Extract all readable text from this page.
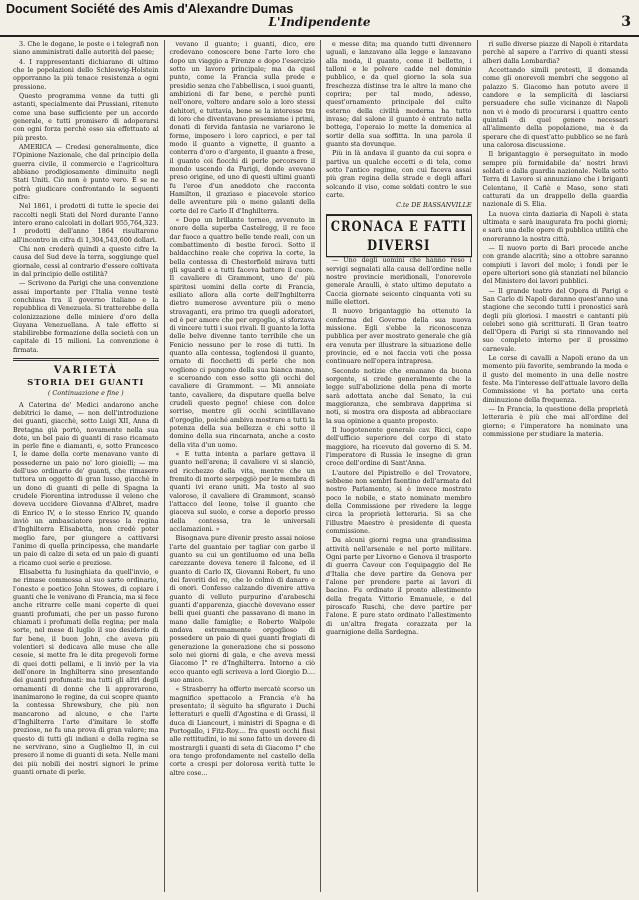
Document Société des Amis d'Alexandre Dumas
L'Indipendente	3

3. Che le dogane, le poste e i telegrafi non siano amministrati dalle autorità del paese;

4. I rappresentanti dichiarano di ultimo che le popolazioni dello Schleswig-Holstein opporranno la più tenace resistenza a ogni pressione.

Questo programma venne da tutti gli astanti, specialmente dai Prussiani, ritenuto come una base sufficiente per un accordo generale, e tutti promisero di adoperarsi con ogni forza perchè esso sia effettuato al più presto.

AMERICA — Credesi generalmente, dice l'Opinione Nazionale, che dal principio della guerra civile, il commercio e l'agricoltura abbiano prodigiosamente diminuito negli Stati Uniti. Ciò non è punto vero. E se ne potrà giudicare confrontando le seguenti cifre:

Nel 1861, i prodotti di tutte le specie dei raccolti negli Stati del Nord durante l'anno intero erano calcolati in dollari 955,764,323. I prodotti dell'anno 1864 risultarono all'incontro in cifra di 1,304,543,600 dollari.

Chi non crederà quindi a queste cifre la causa del Sud deve la terra, soggiunge quel giornale, cessi al contrario d'essere coltivata in dal principio delle ostilità?

— Scrivono da Parigi che una convenzione assai importante per l'Italia venne testè conchiusa tra il governo italiano e la repubblica di Venezuela. Si tratterebbe della colonizzazione delle miniere d'oro della Guyana Venezuellana. A tale effetto si stabilirebbe formazione della società con un capitale di 15 milioni. La convenzione è firmata.

VARIETÀ
STORIA DEI GUANTI
( Continuazione e fine )

A Caterina de' Medici andarono anche debitrici le dame, — non dell'introduzione dei guanti, giacchè, sotto Luigi XII, Anna di Bretagna già portò, novamente nella sua dote, un bel paio di guanti di raso ricamato in perle fine e diamanti, e, sotto Francesco I, le dame della corte menavano vanto di possederne un paio no' loro gioielli; — ma dell'uso ordinario de' guanti, che rimasero tuttora un oggetto di gran lusso, giacchè in un dono di guanti di pelle di Spagna la crudele Fiorentina introdusse il veleno che doveva uccidere Giovanna d'Albret, madre di Enrico IV, e lo stesso Enrico IV, quando inviò un ambasciatore presso la regina d'Inghilterra Elisabetta, non credè poter meglio fare, per giungere a cattivarsi l'animo di quella principessa, che mandarle un paio di calze di seta ed un paio di guanti a ricamo cuoi serie e preziose.

Elisabetta fu lusinghiata da quell'invio, e ne rimase commossa al suo sarto ordinario, l'onesto e poetico John Stowes, di copiare i guanti che le venivano di Francia, ma si fece anche ritrarre celle mani coperte di quei guanti profumati, che per un passo furono chiamati i profumati della regina; per mala sorte, nel mese di luglio il suo desiderio di far bene, il buon John, che aveva più volentieri si dedicava alle muse che alle cesoie, si mette fra le dita pregevoli forme di quei dotti pellami, e li inviò per la via dell'onore in Inghilterra sino presentando dei guanti profumati: ma tutti gli altri degli ornamenti di donne che li approvarono, inanimarono le regine, da cui scopre quanto la contessa Shrewsbury, che più non mancarono ad alcuno, e che l'arte d'Inghilterra l'arte d'imitare le stoffe preziose, ne fu una prova di gran valore; ma questo di tutti gli indiani e della regina se ne servivano, sino a Guglielmo II, in cui presero il nome di guanti di seta. Nelle mani dei più nobili dei nostri signori le prime guanti ornate di perle.

vevano il guanto; i guanti, dico, ere credevano conoscere bene l'arte loro che dopo un viaggio a Firenze e dopo l'esercizio sotto un lavoro principale; ma da quel punto, come la Francia sulla prede e presidio senza che l'abbellisca, i suoi guanti, ambizioni di far bene, e perchè punti nell'onore, voltero andare solo a loro stessi dehitori, e tuttavia, bene se la interesse tra di loro che diventavano presemiame i primi, donati di fervida fantasia ne variarono le forme, imposero i loro capricci, e per tal modo il guanto a vignette, il guanto a conterra d'oro o d'argento, il guanto a frese, il guanto coi fiocchi di perle percorsero il mondo uscendo da Parigi, donde avevano preso origine, ed uno di questi ultimi guanti fu l'eroe d'un aneddoto che racconta Hamilton, il graziaso e piacevole storico delle avventure più o meno galanti della corte del re Carlo II d'Inghilterra.

« Dopo un brillante torneo, avvenuto in onore della superba Castelregg, il re fece dar fuoco a quattro belle tende reali, con un combattimento di bestie feroci. Sotto il baldacchino reale che copriva la corte, la bella contessa di Chesterfield mirava tutti gli sguardi e a tutti faceva battere il cuore. Il cavaliere di Grammont, uno de' più spiritosi uomini della corte di Francia, esiliato allora alla corte dell'Inghilterra dietro numerose avventure più o meno stravaganti, era primo tra quegli adoratori, ed è per amore che per orgoglio, si sforzava di vincere tutti i suoi rivali. Il guanto la lotta delle belve divenne tanto terribile che un Fenicio nessuno per le rose di tutti. In quanto alla contessa, toglendosi il guanto, ornato di fiocchetti di perle che non vogliono ci pungono della sua bianca mano, e sceroando con esso sotto gli occhi del cavaliere di Grammont. — Mi annoiate tanto, cavaliere, da disputare quella belve crudeli questo pegno! chiese con dolce sorriso, mentre gli occhi scintillavano d'orgoglio, poiché ambiva mostrare a tutti la potenza della sua bellezza e chi sotto il domino della sua rincarnata, anche a costo della vita d'un uomo.

« E tutta intenta a parlare gettava il guanto nell'arena; il cavaliere vi si slanciò, ed ricchezzo della vita, mentre che un fremito di morte serpeggiò per le membra di quanti ivi erano uniti. Ma tosto al suo valoroso, il cavaliere di Grammont, scansò l'attacco del leone, tolse il guanto che giaceva sul suolo, e corse a deporlo presso della contessa, tra le universali acclamazioni. »

Bisognava pure divenir presto assai noiose l'arte del guantaio per tagliar con garbo il guanto su cui un gentiluomo ed una bella carezzante doveva tenere il falcone, ed il guanto di Carlo IX, Giovanni Robert, fu uno dei favoriti del re, che lo colmò di danaro e di onori. Confesso calzando divenire attiva guanto di velluto purpurino d'arabeschi guanti d'apparenza, giacchè dovevano esser belli quei guanti che passavano di mano in mano dalle famiglie; e Roberto Walpole andava estremamente orgoglioso di possedere un paio di quei guanti fregiati di generazione la generazione che si possono solo nei giorni di gala, e che aveva messi Giacomo I° re d'Inghilterra. Intorno a ciò ecco quanto egli scriveva a lord Giorgio D.... suo amico.

« Strasberry ha offerto mercatè scorso un magnifico spettacolo a Francia e'è ha presentato; il sèguito ha sfigurato i Duchi letteraturi e quelli d'Agostina e di Grassi, il duca di Liancourt, i ministri di Spagna e di Portogallo, i Fitz-Roy.... fra questi occhi fissi alle rettitudini, io mi sono fatto un dovere di mostrargli i guanti di seta di Giacomo I° che ora tengo profondamente nel castello della corte a crespi per dolorosa verità tutte le altre cose...

e messe dita; ma quando tutti divennero uguali, e lanzavano alla legge e lanzavano alla moda, il guanto, come il belletto, i talloni e le polvere cadde nel dominio pubblico, e da quel giorno la sola sua freschezza distinse tra le altre la mano che coprira; per tal modo, adesso, quest'ornamento principale del culto esterno della civiltà moderna ha tutto invaso; dal salone il guanto è entrato nella bottega, l'operaio lo mette la domenica al sortir della sua soffitta. In una parola il guanto sta dovunque.

Più in là andava il guanto da cui sopra e partiva un qualche eccetti o di tela, come sotto l'antico regime, con cui faceva assai più gran regina della strade e degli affari solcando il viso, come soldati contro le sue carte.

C.te DE BASSANVILLE
CRONACA E FATTI DIVERSI

— Uno degli uomini che hanno reso i servigi segnalati alla causa dell'ordine nelle nostre provincie meridionali, l'onorevole generale Araulli, è stato ultimo deputato a Caccia giornate seicento cinquanta voti su mille elettori.

Il nuovo brigantaggio ha ottenuto la conferma del Governo della sua nuova missione. Egli s'ebbe la riconoscenza pubblica per aver mostrato generale che già era venuta per illustrare la situazione delle provincie, ed e noi faccia voti che possa continuare nell'opera intrapresa.

Secondo notizie che emanano da buona sorgente, si crede generalmente che la legge sull'abolizione della pena di morte sarà adottata anche dal Senato, la cui maggioranza, che sembrava dapprima si noti, si mostra ora disposta ad abbracciare la sua opinione a quanto proposto.

Il luogotenente generale cav. Ricci, capo dell'ufficio superiore del corpo di stato maggiore, ha ricevuto dal governo di S. M. l'imperatore di Russia le insegne di gran croce dell'ordine di Sant'Anna.

L'autore del Pipistrello e del Trovatore, sebbene non sembri faentino dell'armata del nostro Parlamento, si è invece mostrato poco le nobile, e stato nominato membro della Commissione per rivedere la legge circa la proprietà letteraria. Si sa che l'illustre Maestro è presidente di questa commissione.

Da alcuni giorni regna una grandissima attività nell'arsenale e nel porto militare. Ogni parte per Livorno e Genova il trasporto di guerra Cavour con l'equipaggio del Re d'Italia che deve partire da Genova per l'alone per prendere parte ai lavori di bacino. Fu ordinato il pronto allestimento della fregata Vittorio Emanuele, e del piroscafo Ruschi, che deve partire per l'alone. È pure stato ordinato l'allestimento di un'altra fregata corazzata per la guarnigione della Sardegna.

rì sulle diverse piazze di Napoli è ritardata perchè al sapere a l'arrivo di quanti stessi alberi dalla Lombardia?

Accettando simili pretesti, il domanda come gli onorevoli membri che seggono al palazzo S. Giacomo han potuto avere il candore e la semplicità di lasciarsi persuadere che sulle vicinanze di Napoli non vi è modo di procurarsi i quattro cento quintali di quel genere necessari all'alimento della popolazione, ma è da sperare che di quest'atto pubblico se ne farà una calorosa discussione.

Il brigantaggio è perseguitato in modo sempre più formidabile da' nostri bravi soldati e dalla guardia nazionale. Nella sotto Terra di Lavoro si annunziano che i briganti Celentano, il Cafiè e Maso, sono stati catturati da un drappello della guardia nazionale di S. Elia.

La nuova cinta daziaria di Napoli è stata ultimata e sarà inaugurata fra pochi giorni; e sarà una delle opere di pubblica utilità che onoreranno la nostra città.

— Il nuovo porto di Bari procede anche con grande alacrità; sino a ottobre saranno compiuti i lavori del molo; i fondi per le opere ulteriori sono già stanziati nel bilancio del Ministero dei lavori pubblici.

— Il grande teatro del Opera di Parigi e San Carlo di Napoli daranno quest'anno una stagione che secondo tutti i pronostici sarà degli più gloriosi. I maestri e cantanti più celebri sono già scritturati. Il Gran teatro dell'Opera di Parigi si sta rinnovando nel suo completo interno per il prossimo carnevale.

Le corse di cavalli a Napoli erano da un momento più favorite, sembrando la moda e il gusto del momento in una delle nostre feste. Ma l'interesse dell'attuale lavoro della Commissione vi ha portato una certa diminuzione della frequenza.

— In Francia, la questione della proprietà letteraria è più che mai all'ordine del giorno; e l'imperatore ha nominato una commissione per studiare la materia.
